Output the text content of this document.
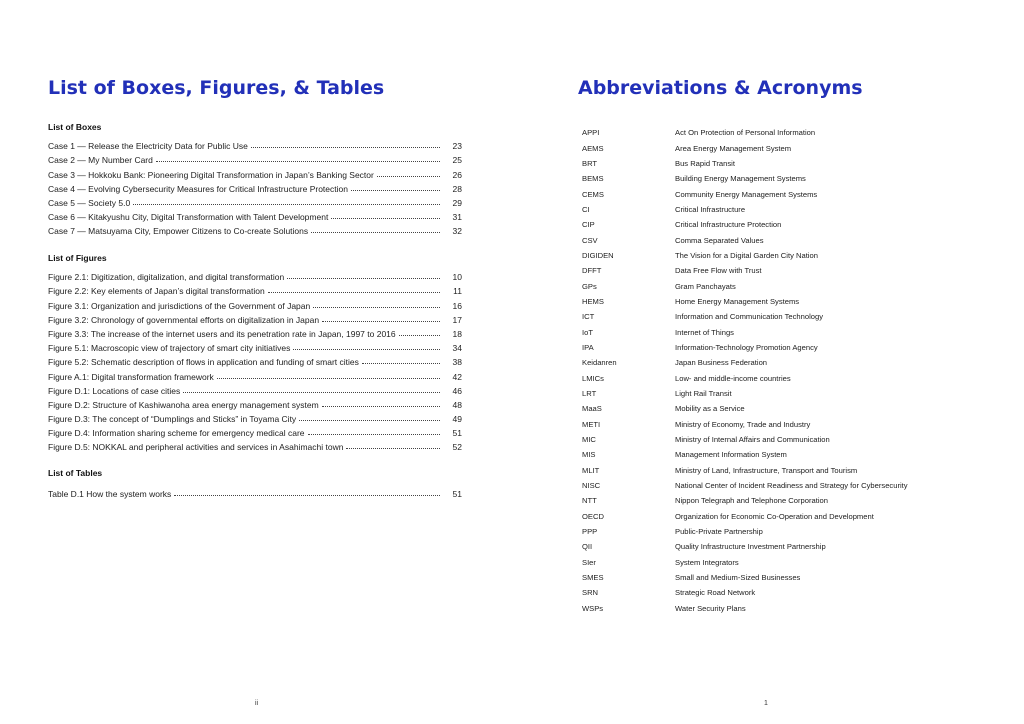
List of Boxes, Figures, & Tables
List of Boxes
Case 1 — Release the Electricity Data for Public Use	23
Case 2 — My Number Card	25
Case 3 — Hokkoku Bank: Pioneering Digital Transformation in Japan’s Banking Sector	26
Case 4 — Evolving Cybersecurity Measures for Critical Infrastructure Protection	28
Case 5 — Society 5.0	29
Case 6 — Kitakyushu City, Digital Transformation with Talent Development	31
Case 7 — Matsuyama City, Empower Citizens to Co-create Solutions	32
List of Figures
Figure 2.1: Digitization, digitalization, and digital transformation	10
Figure 2.2: Key elements of Japan’s digital transformation	11
Figure 3.1: Organization and jurisdictions of the Government of Japan	16
Figure 3.2: Chronology of governmental efforts on digitalization in Japan	17
Figure 3.3: The increase of the internet users and its penetration rate in Japan, 1997 to 2016	18
Figure 5.1: Macroscopic view of trajectory of smart city initiatives	34
Figure 5.2: Schematic description of flows in application and funding of smart cities	38
Figure A.1: Digital transformation framework	42
Figure D.1: Locations of case cities	46
Figure D.2: Structure of Kashiwanoha area energy management system	48
Figure D.3: The concept of “Dumplings and Sticks” in Toyama City	49
Figure D.4: Information sharing scheme for emergency medical care	51
Figure D.5: NOKKAL and peripheral activities and services in Asahimachi town	52
List of Tables
Table D.1 How the system works	51
ii
Abbreviations & Acronyms
APPI	Act On Protection of Personal Information
AEMS	Area Energy Management System
BRT	Bus Rapid Transit
BEMS	Building Energy Management Systems
CEMS	Community Energy Management Systems
CI	Critical Infrastructure
CIP	Critical Infrastructure Protection
CSV	Comma Separated Values
DIGIDEN	The Vision for a Digital Garden City Nation
DFFT	Data Free Flow with Trust
GPs	Gram Panchayats
HEMS	Home Energy Management Systems
ICT	Information and Communication Technology
IoT	Internet of Things
IPA	Information-Technology Promotion Agency
Keidanren	Japan Business Federation
LMICs	Low- and middle-income countries
LRT	Light Rail Transit
MaaS	Mobility as a Service
METI	Ministry of Economy, Trade and Industry
MIC	Ministry of Internal Affairs and Communication
MIS	Management Information System
MLIT	Ministry of Land, Infrastructure, Transport and Tourism
NISC	National Center of Incident Readiness and Strategy for Cybersecurity
NTT	Nippon Telegraph and Telephone Corporation
OECD	Organization for Economic Co-Operation and Development
PPP	Public-Private Partnership
QII	Quality Infrastructure Investment Partnership
SIer	System Integrators
SMES	Small and Medium-Sized Businesses
SRN	Strategic Road Network
WSPs	Water Security Plans
1
